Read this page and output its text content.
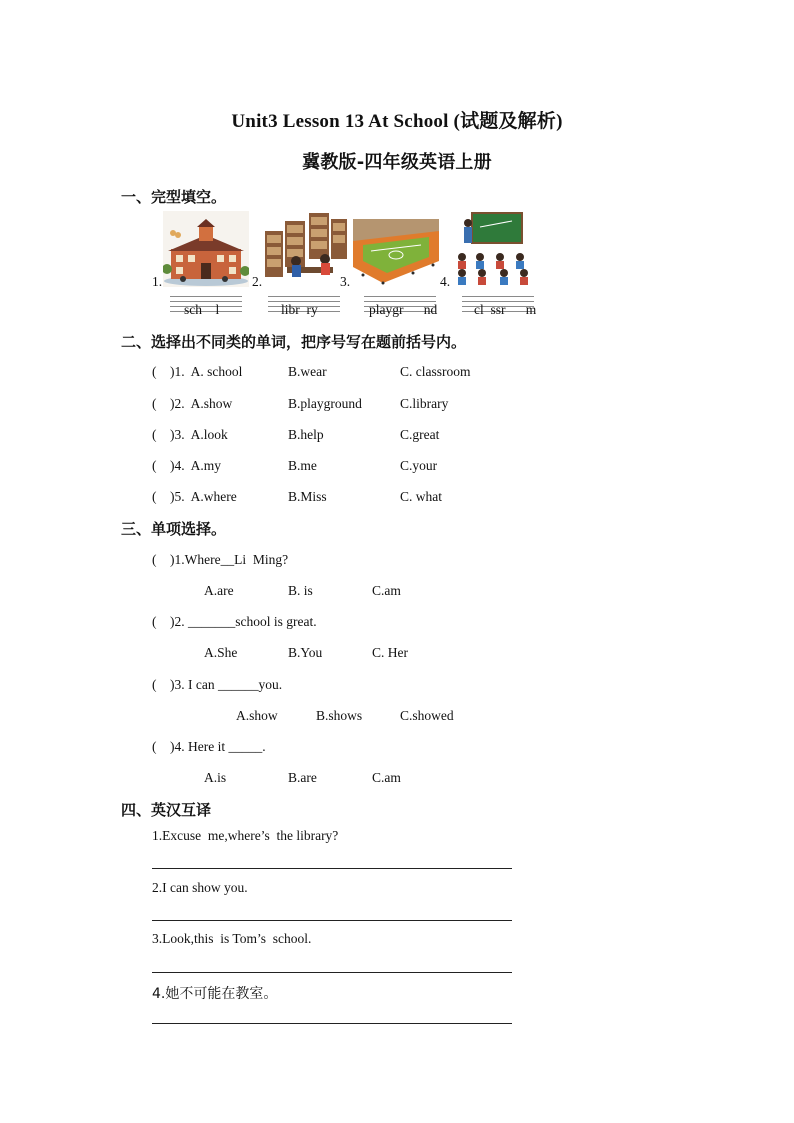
Unit3 Lesson 13 At School (试题及解析)
冀教版-四年级英语上册
一、完型填空。
1.	2.	3.	4.
sch    l	libr  ry	playgr      nd	cl  ssr      m
二、选择出不同类的单词，把序号写在题前括号内。
(    )1.  A. school	B.wear	C. classroom
(    )2.  A.show	B.playground	C.library
(    )3.  A.look	B.help	C.great
(    )4.  A.my	B.me	C.your
(    )5.  A.where	B.Miss	C. what
三、单项选择。
(    )1.Where__Li  Ming?
A.are	B. is	C.am
(    )2. _______school is great.
A.She	B.You	C. Her
(    )3. I can ______you.
A.show	B.shows	C.showed
(    )4. Here it _____.
A.is	B.are	C.am
四、英汉互译
1.Excuse  me,where’s  the library?
2.I can show you.
3.Look,this  is Tom’s  school.
4.她不可能在教室。
